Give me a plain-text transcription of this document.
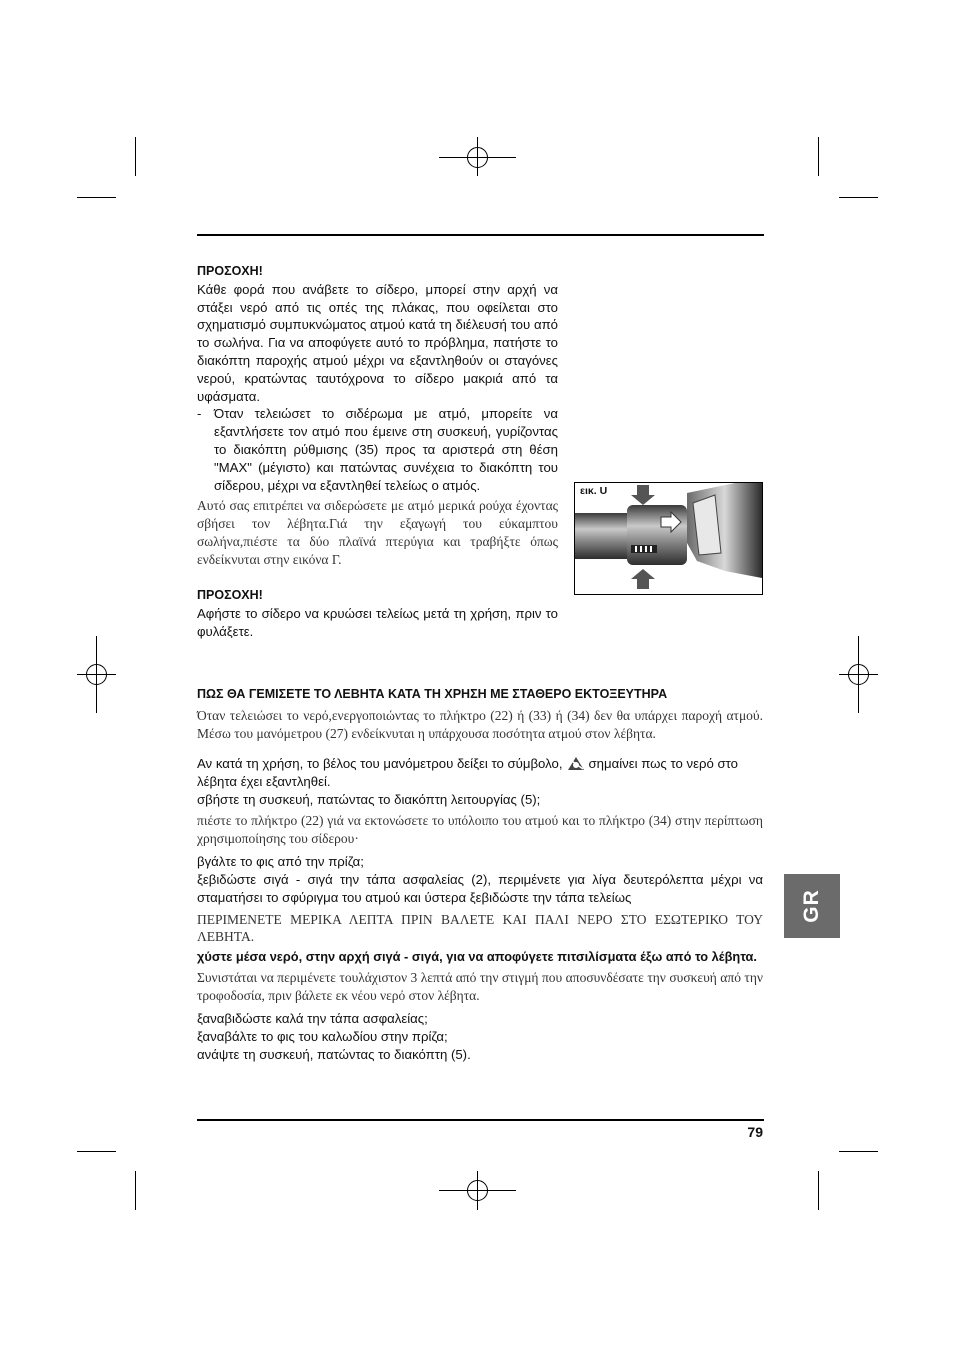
ΠΡΟΣΟΧΗ!

Κάθε φορά που ανάβετε το σίδερο, μπορεί στην αρχή να στάξει νερό από τις οπές της πλάκας, που οφείλεται στο σχηματισμό συμπυκνώματος ατμού κατά τη διέλευσή του από το σωλήνα. Για να αποφύγετε αυτό το πρόβλημα, πατήστε το διακόπτη παροχής ατμού μέχρι να εξαντληθούν οι σταγόνες νερού, κρατώντας ταυτόχρονα το σίδερο μακριά από τα υφάσματα.

- Όταν τελειώσετ το σιδέρωμα με ατμό, μπορείτε να εξαντλήσετε τον ατμό που έμεινε στη συσκευή, γυρίζοντας το διακόπτη ρύθμισης (35) προς τα αριστερά στη θέση "MAX" (μέγιστο) και πατώντας συνέχεια το διακόπτη του σίδερου, μέχρι να εξαντληθεί τελείως ο ατμός.

Αυτό σας επιτρέπει να σιδερώσετε με ατμό μερικά ρούχα έχοντας σβήσει τον λέβητα.Γιά την εξαγωγή του εύκαμπτου σωλήνα,πιέστε τα δύο πλαϊνά πτερύγια και τραβήξτε όπως ενδείκνυται στην εικόνα Γ.

ΠΡΟΣΟΧΗ!

Αφήστε το σίδερο να κρυώσει τελείως μετά τη χρήση, πριν το φυλάξετε.

εικ. U

ΠΩΣ ΘΑ ΓΕΜΙΣΕΤΕ ΤΟ ΛΕΒΗΤΑ ΚΑΤΑ ΤΗ ΧΡΗΣΗ ΜΕ ΣΤΑΘΕΡΟ ΕΚΤΟΞΕΥΤΗΡΑ

Όταν τελειώσει το νερό,ενεργοποιώντας το πλήκτρο (22) ή (33) ή (34) δεν θα υπάρχει παροχή ατμού. Μέσω του μανόμετρου (27) ενδείκνυται η υπάρχουσα ποσότητα ατμού στον λέβητα.

Αν κατά τη χρήση, το βέλος του μανόμετρου δείξει το σύμβολο, σημαίνει πως το νερό στο λέβητα έχει εξαντληθεί.

σβήστε τη συσκευή, πατώντας το διακόπτη λειτουργίας (5);

πιέστε το πλήκτρο (22) γιά να εκτονώσετε το υπόλοιπο του ατμού και το πλήκτρο (34) στην περίπτωση χρησιμοποίησης του σίδερου·

βγάλτε το φις από την πρίζα;

ξεβιδώστε σιγά - σιγά την τάπα ασφαλείας (2), περιμένετε για λίγα δευτερόλεπτα μέχρι να σταματήσει το σφύριγμα του ατμού και ύστερα ξεβιδώστε την τάπα τελείως

ΠΕΡΙΜΕΝΕΤΕ ΜΕΡΙΚΑ ΛΕΠΤΑ ΠΡΙΝ ΒΑΛΕΤΕ ΚΑΙ ΠΑΛΙ ΝΕΡΟ ΣΤΟ ΕΣΩΤΕΡΙΚΟ ΤΟΥ ΛΕΒΗΤΑ.

χύστε μέσα νερό, στην αρχή σιγά - σιγά, για να αποφύγετε πιτσιλίσματα έξω από το λέβητα.

Συνιστάται να περιμένετε τουλάχιστον 3 λεπτά από την στιγμή που αποσυνδέσατε την συσκευή από την τροφοδοσία, πριν βάλετε εκ νέου νερό στον λέβητα.

ξαναβιδώστε καλά την τάπα ασφαλείας;

ξαναβάλτε το φις του καλωδίου στην πρίζα;

ανάψτε τη συσκευή, πατώντας το διακόπτη (5).

GR
79
